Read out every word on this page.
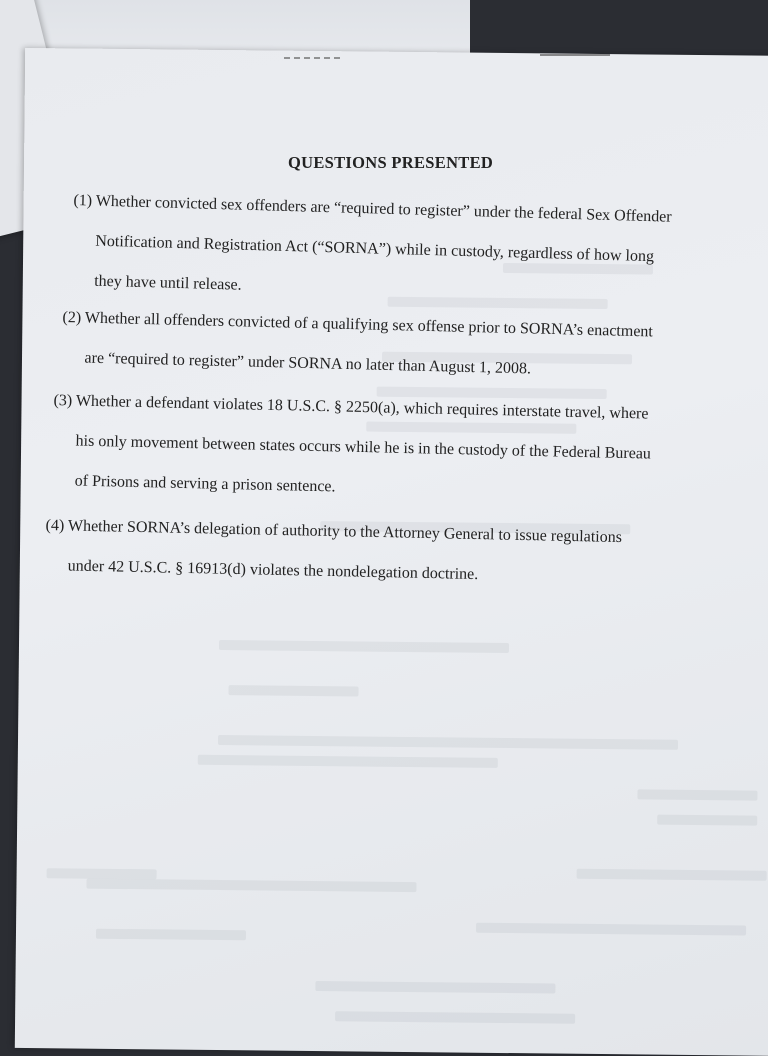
QUESTIONS PRESENTED
(1) Whether convicted sex offenders are “required to register” under the federal Sex Offender
Notification and Registration Act (“SORNA”) while in custody, regardless of how long
they have until release.
(2) Whether all offenders convicted of a qualifying sex offense prior to SORNA’s enactment
are “required to register” under SORNA no later than August 1, 2008.
(3) Whether a defendant violates 18 U.S.C. § 2250(a), which requires interstate travel, where
his only movement between states occurs while he is in the custody of the Federal Bureau
of Prisons and serving a prison sentence.
(4) Whether SORNA’s delegation of authority to the Attorney General to issue regulations
under 42 U.S.C. § 16913(d) violates the nondelegation doctrine.
